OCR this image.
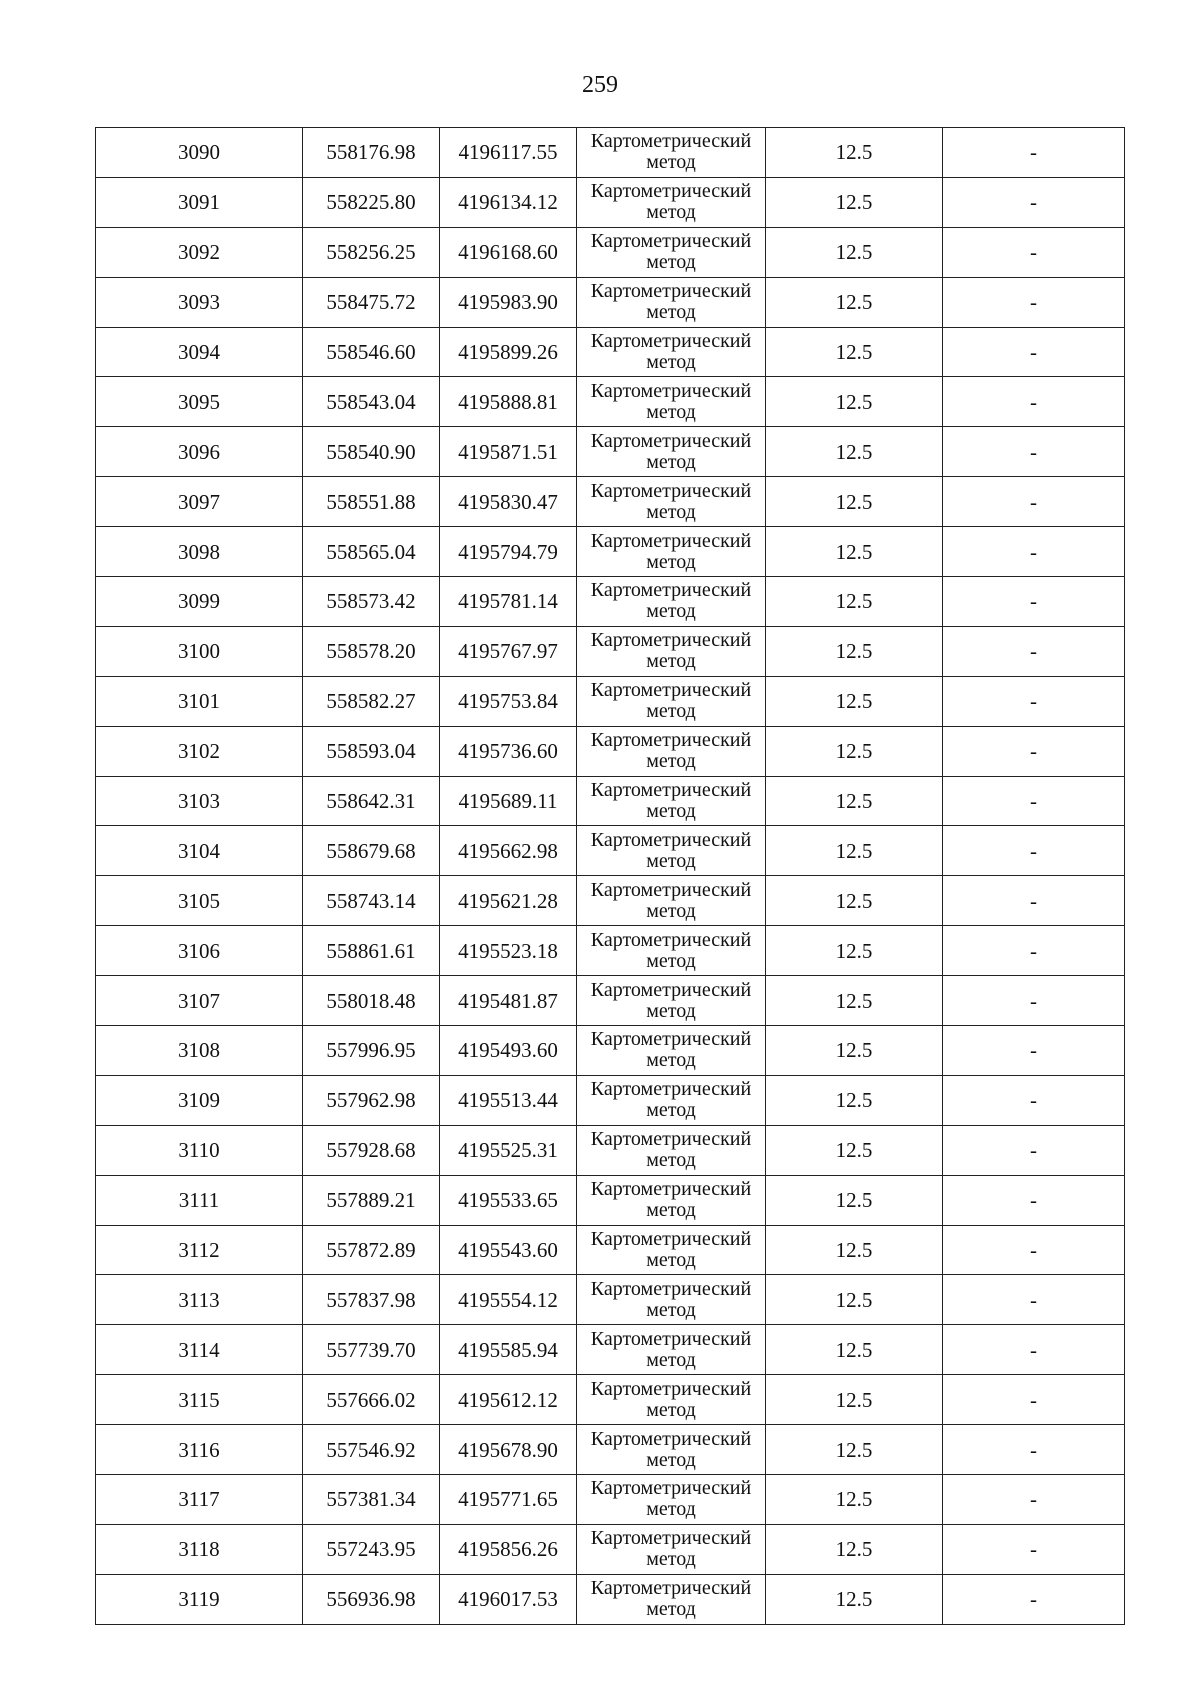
259
3090	558176.98	4196117.55	Картометрический метод	12.5	-
3091	558225.80	4196134.12	Картометрический метод	12.5	-
3092	558256.25	4196168.60	Картометрический метод	12.5	-
3093	558475.72	4195983.90	Картометрический метод	12.5	-
3094	558546.60	4195899.26	Картометрический метод	12.5	-
3095	558543.04	4195888.81	Картометрический метод	12.5	-
3096	558540.90	4195871.51	Картометрический метод	12.5	-
3097	558551.88	4195830.47	Картометрический метод	12.5	-
3098	558565.04	4195794.79	Картометрический метод	12.5	-
3099	558573.42	4195781.14	Картометрический метод	12.5	-
3100	558578.20	4195767.97	Картометрический метод	12.5	-
3101	558582.27	4195753.84	Картометрический метод	12.5	-
3102	558593.04	4195736.60	Картометрический метод	12.5	-
3103	558642.31	4195689.11	Картометрический метод	12.5	-
3104	558679.68	4195662.98	Картометрический метод	12.5	-
3105	558743.14	4195621.28	Картометрический метод	12.5	-
3106	558861.61	4195523.18	Картометрический метод	12.5	-
3107	558018.48	4195481.87	Картометрический метод	12.5	-
3108	557996.95	4195493.60	Картометрический метод	12.5	-
3109	557962.98	4195513.44	Картометрический метод	12.5	-
3110	557928.68	4195525.31	Картометрический метод	12.5	-
3111	557889.21	4195533.65	Картометрический метод	12.5	-
3112	557872.89	4195543.60	Картометрический метод	12.5	-
3113	557837.98	4195554.12	Картометрический метод	12.5	-
3114	557739.70	4195585.94	Картометрический метод	12.5	-
3115	557666.02	4195612.12	Картометрический метод	12.5	-
3116	557546.92	4195678.90	Картометрический метод	12.5	-
3117	557381.34	4195771.65	Картометрический метод	12.5	-
3118	557243.95	4195856.26	Картометрический метод	12.5	-
3119	556936.98	4196017.53	Картометрический метод	12.5	-
